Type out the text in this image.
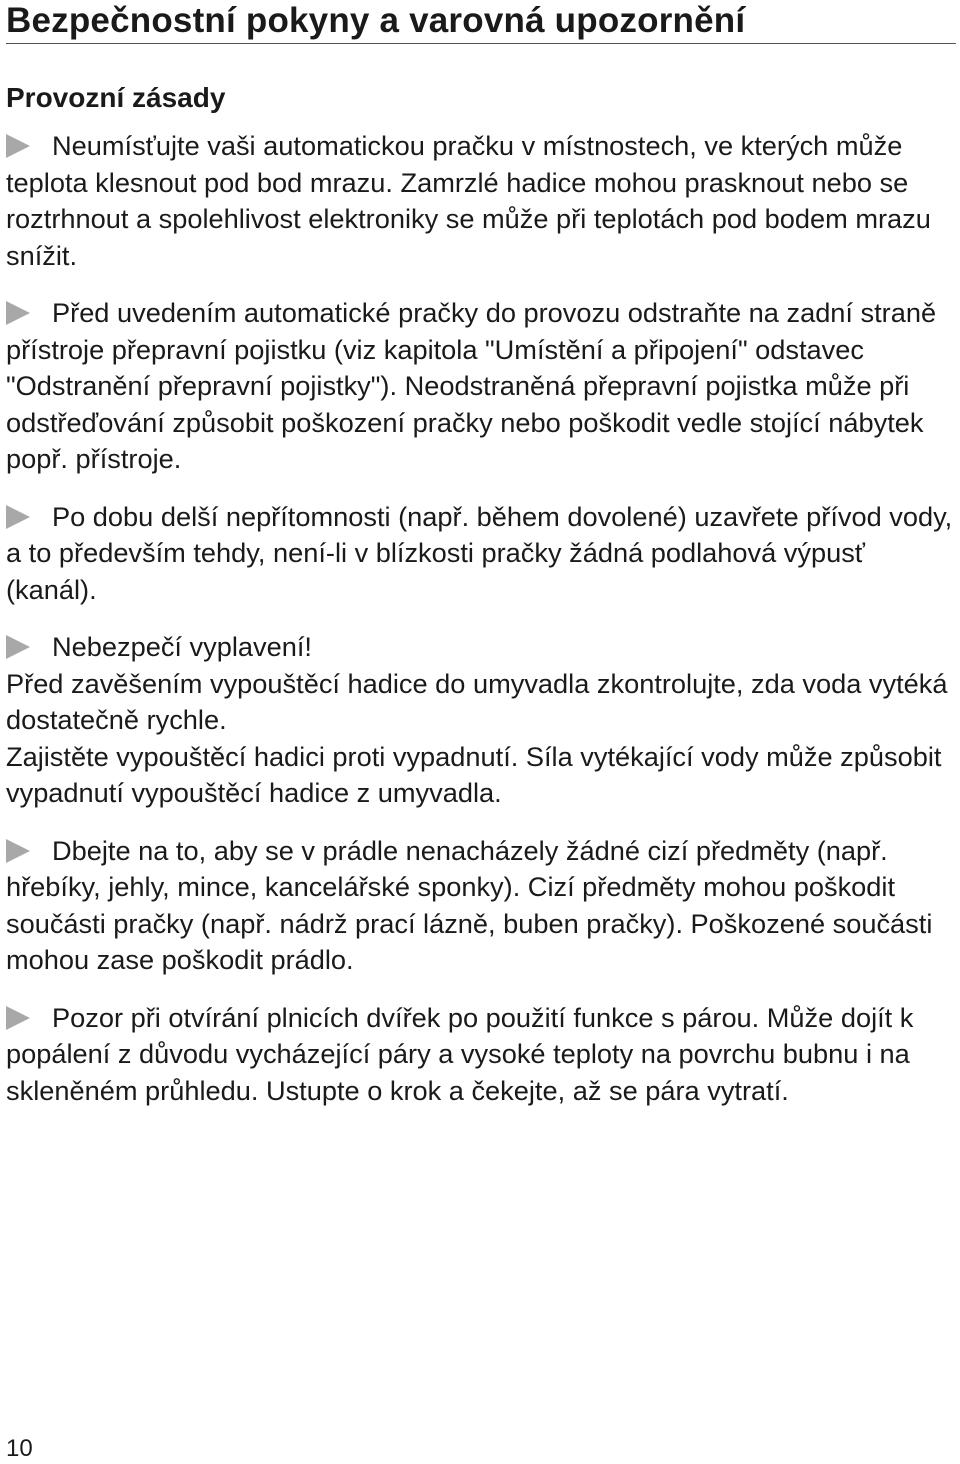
Bezpečnostní pokyny a varovná upozornění
Provozní zásady

Neumísťujte vaši automatickou pračku v místnostech, ve kterých může teplota klesnout pod bod mrazu. Zamrzlé hadice mohou prasknout nebo se roztrhnout a spolehlivost elektroniky se může při teplotách pod bodem mrazu snížit.

Před uvedením automatické pračky do provozu odstraňte na zadní straně přístroje přepravní pojistku (viz kapitola "Umístění a připojení" odstavec "Odstranění přepravní pojistky"). Neodstraněná přepravní pojistka může při odstřeďování způsobit poškození pračky nebo poškodit vedle stojící nábytek popř. přístroje.

Po dobu delší nepřítomnosti (např. během dovolené) uzavřete přívod vody, a to především tehdy, není-li v blízkosti pračky žádná podlahová výpusť (kanál).

Nebezpečí vyplavení!

Před zavěšením vypouštěcí hadice do umyvadla zkontrolujte, zda voda vytéká dostatečně rychle.

Zajistěte vypouštěcí hadici proti vypadnutí. Síla vytékající vody může způsobit vypadnutí vypouštěcí hadice z umyvadla.

Dbejte na to, aby se v prádle nenacházely žádné cizí předměty (např. hřebíky, jehly, mince, kancelářské sponky). Cizí předměty mohou poškodit součásti pračky (např. nádrž prací lázně, buben pračky). Poškozené součásti mohou zase poškodit prádlo.

Pozor při otvírání plnicích dvířek po použití funkce s párou. Může dojít k popálení z důvodu vycházející páry a vysoké teploty na povrchu bubnu i na skleněném průhledu. Ustupte o krok a čekejte, až se pára vytratí.

10
